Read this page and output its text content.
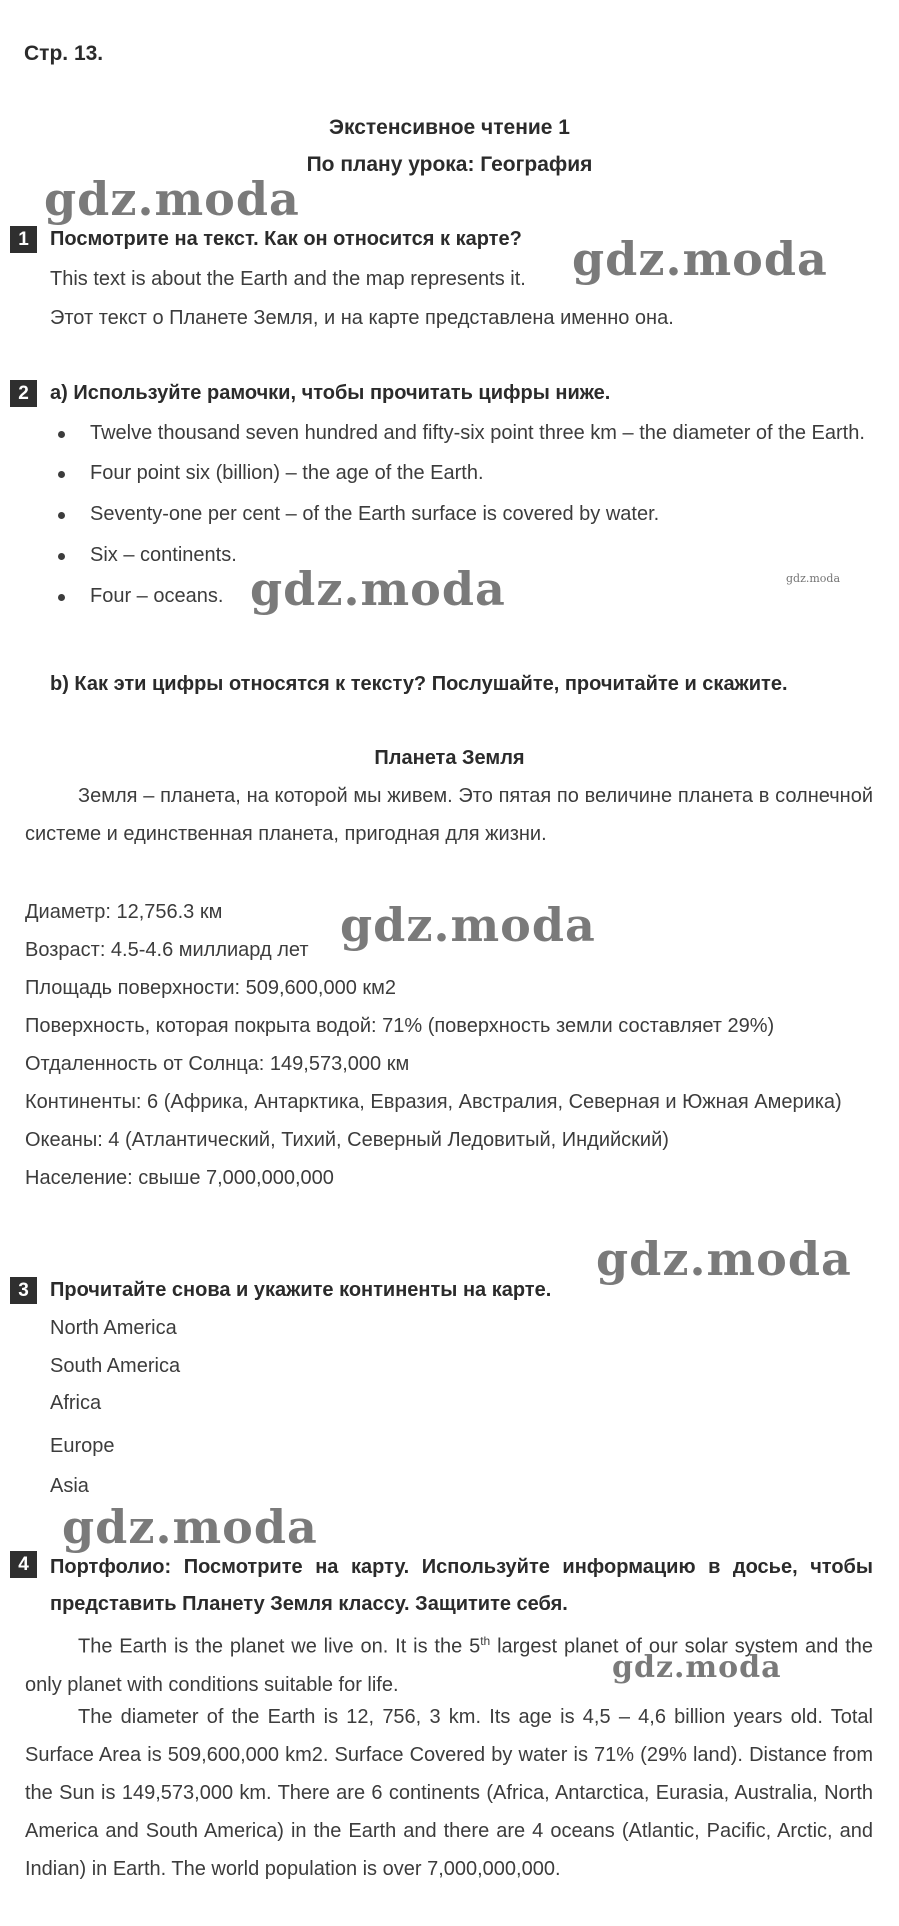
Стр. 13.
Экстенсивное чтение 1
По плану урока: География
1	Посмотрите на текст. Как он относится к карте?
This text is about the Earth and the map represents it.
Этот текст о Планете Земля, и на карте представлена именно она.
2	a) Используйте рамочки, чтобы прочитать цифры ниже.
Twelve thousand seven hundred and fifty-six point three km – the diameter of the Earth.
Four point six (billion) – the age of the Earth.
Seventy-one per cent – of the Earth surface is covered by water.
Six – continents.
Four – oceans.
b) Как эти цифры относятся к тексту? Послушайте, прочитайте и скажите.
Планета Земля
Земля – планета, на которой мы живем. Это пятая по величине планета в солнечной системе и единственная планета, пригодная для жизни.
Диаметр: 12,756.3 км
Возраст: 4.5-4.6 миллиард лет
Площадь поверхности: 509,600,000 км2
Поверхность, которая покрыта водой: 71% (поверхность земли составляет 29%)
Отдаленность от Солнца: 149,573,000 км
Континенты: 6 (Африка, Антарктика, Евразия, Австралия, Северная и Южная Америка)
Океаны: 4 (Атлантический, Тихий, Северный Ледовитый, Индийский)
Население: свыше 7,000,000,000
3	Прочитайте снова и укажите континенты на карте.
North America
South America
Africa
Europe
Asia
4	Портфолио: Посмотрите на карту. Используйте информацию в досье, чтобы представить Планету Земля классу. Защитите себя.
The Earth is the planet we live on. It is the 5th largest planet of our solar system and the only planet with conditions suitable for life.
The diameter of the Earth is 12, 756, 3 km. Its age is 4,5 – 4,6 billion years old. Total Surface Area is 509,600,000 km2. Surface Covered by water is 71% (29% land). Distance from the Sun is 149,573,000 km. There are 6 continents (Africa, Antarctica, Eurasia, Australia, North America and South America) in the Earth and there are 4 oceans (Atlantic, Pacific, Arctic, and Indian) in Earth. The world population is over 7,000,000,000.
gdz.moda
gdz.moda
gdz.moda	gdz.moda
gdz.moda
gdz.moda
gdz.moda
gdz.moda
